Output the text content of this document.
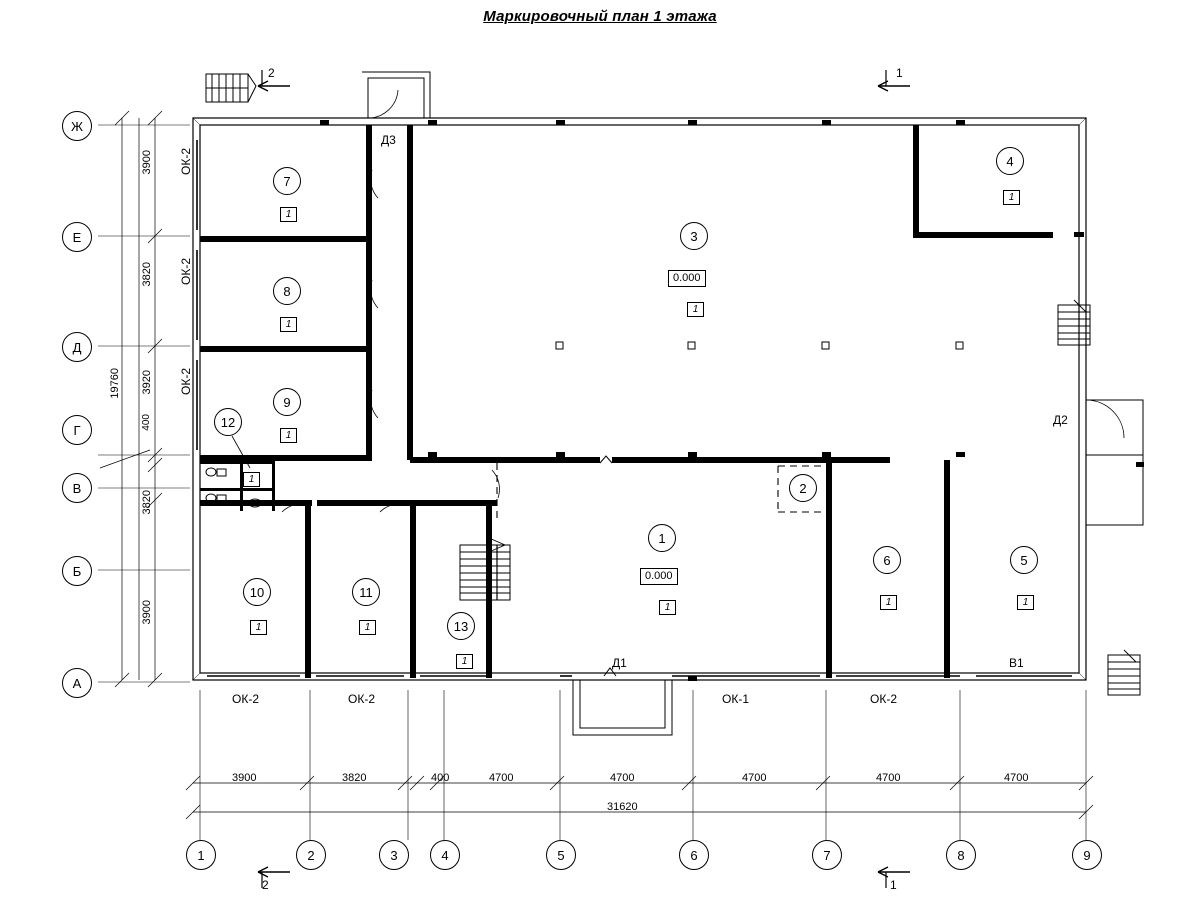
Маркировочный план 1 этажа
Ж
Е
Д
Г
В
Б
А
1	2	3	4	5	6	7	8	9
3900
3820
3920
400
3820
3900
19760
3900	3820	400	4700	4700	4700	4700	4700
31620
7
1
8
1
9
1
12
1
10
1
11
1	13
1
3
0.000
1
4
1
1
0.000
1
2
6
1
5
1
Д3
Д2
Д1	В1
ОК-2	ОК-2	ОК-1	ОК-2
ОК-2
ОК-2
ОК-2
2	1
2	1
